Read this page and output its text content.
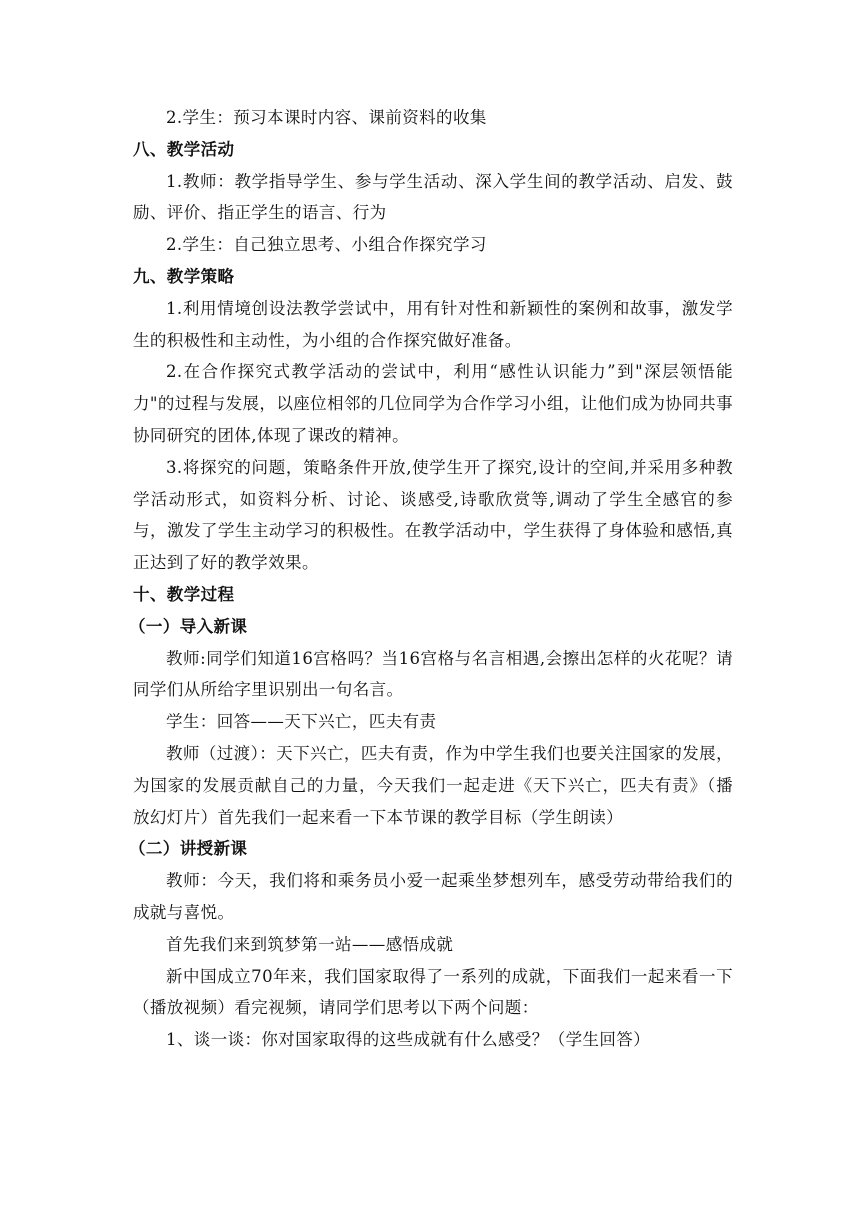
2.学生：预习本课时内容、课前资料的收集

八、教学活动

1.教师：教学指导学生、参与学生活动、深入学生间的教学活动、启发、鼓励、评价、指正学生的语言、行为

2.学生：自己独立思考、小组合作探究学习

九、教学策略

1.利用情境创设法教学尝试中，用有针对性和新颖性的案例和故事，激发学生的积极性和主动性，为小组的合作探究做好准备。

2.在合作探究式教学活动的尝试中，利用“感性认识能力”到"深层领悟能力"的过程与发展，以座位相邻的几位同学为合作学习小组，让他们成为协同共事协同研究的团体,体现了课改的精神。

3.将探究的问题，策略条件开放,使学生开了探究,设计的空间,并采用多种教学活动形式，如资料分析、讨论、谈感受,诗歌欣赏等,调动了学生全感官的参与，激发了学生主动学习的积极性。在教学活动中，学生获得了身体验和感悟,真正达到了好的教学效果。

十、教学过程

（一）导入新课

教师:同学们知道16宫格吗？当16宫格与名言相遇,会擦出怎样的火花呢？请同学们从所给字里识别出一句名言。

学生：回答——天下兴亡，匹夫有责

教师（过渡）：天下兴亡，匹夫有责，作为中学生我们也要关注国家的发展，为国家的发展贡献自己的力量，今天我们一起走进《天下兴亡，匹夫有责》（播放幻灯片）首先我们一起来看一下本节课的教学目标（学生朗读）

（二）讲授新课

教师：今天，我们将和乘务员小爱一起乘坐梦想列车，感受劳动带给我们的成就与喜悦。

首先我们来到筑梦第一站——感悟成就

新中国成立70年来，我们国家取得了一系列的成就，下面我们一起来看一下（播放视频）看完视频，请同学们思考以下两个问题：

1、谈一谈：你对国家取得的这些成就有什么感受？（学生回答）
